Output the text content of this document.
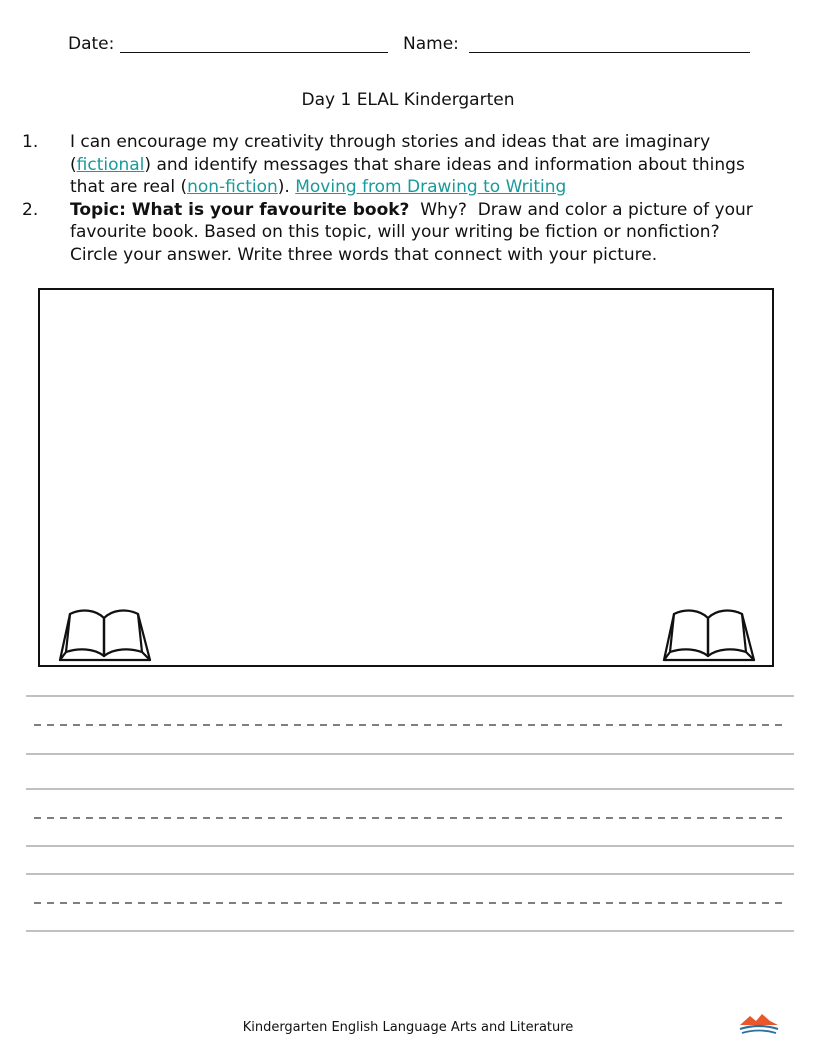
Date:	Name:
Day 1 ELAL Kindergarten
1. I can encourage my creativity through stories and ideas that are imaginary
(fictional) and identify messages that share ideas and information about things
that are real (non-fiction). Moving from Drawing to Writing
2. Topic: What is your favourite book?  Why?  Draw and color a picture of your
favourite book. Based on this topic, will your writing be fiction or nonfiction?
Circle your answer. Write three words that connect with your picture.
Kindergarten English Language Arts and Literature
